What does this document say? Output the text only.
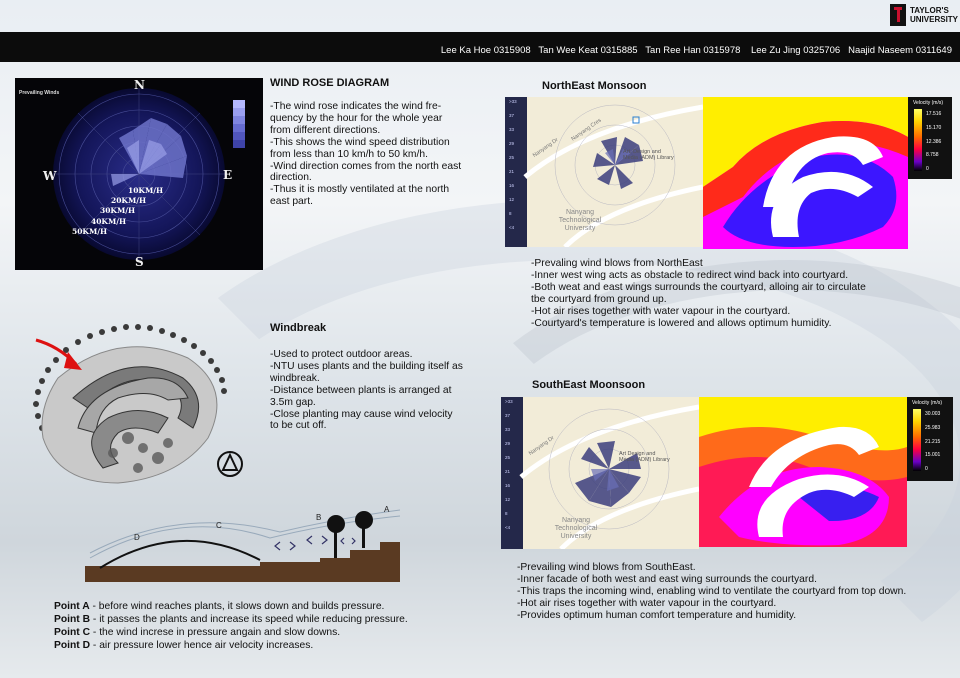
TAYLOR'S UNIVERSITY
Lee Ka Hoe 0315908   Tan Wee Keat 0315885   Tan Ree Han 0315978    Lee Zu Jing 0325706   Naajid Naseem 0311649
Prevailing Winds
N
E
S
W
10KM/H
20KM/H
30KM/H
40KM/H
50KM/H
WIND ROSE DIAGRAM

-The wind rose indicates the wind fre-
quency by the hour for the whole year
from different directions.
-This shows the wind speed distribution
from less than 10 km/h to 50 km/h.
-Wind direction comes from the north east
direction.
-Thus it is mostly ventilated at the north
east part.

Windbreak

-Used to protect outdoor areas.
-NTU uses plants and the building itself as
windbreak.
-Distance between plants is arranged at
3.5m gap.
-Close planting may cause wind velocity
to be cut off.

A
B
C
D
Point A - before wind reaches plants, it slows down and builds pressure.
Point B - it passes the plants and increase its speed while reducing pressure.
Point C - the wind increse in pressure angain and slow downs.
Point D - air pressure lower hence air velocity increases.
NorthEast Monsoon
>33
37
33
29
25
21
16
12
8
<4
Nanyang Dr
Nanyang Cres
Art, Design and
Media (ADM) Library
Nanyang
Technological
University
Velocity (m/s)
17.516
15.170
12.386
8.758
0

-Prevaling wind blows from NorthEast
-Inner west wing acts as obstacle to redirect wind back into courtyard.
-Both weat and east wings surrounds the courtyard, alloing air to circulate
tbe courtyard from ground up.
-Hot air rises together with water vapour in the courtyard.
-Courtyard's temperature is lowered and allows optimum humidity.

SouthEast Moonsoon
>33
37
33
29
25
21
16
12
8
<4
Nanyang Dr	Art Design and
Media (ADM) Library
Nanyang
Technological
University
Velocity (m/s)
30.003
25.983
21.215
15.001
0

-Prevailing wind blows from SouthEast.
-Inner facade of both west and east wing surrounds the courtyard.
-This traps the incoming wind, enabling wind to ventilate the courtyard from top down.
-Hot air rises together with water vapour in the courtyard.
-Provides optimum human comfort temperature and humidity.
